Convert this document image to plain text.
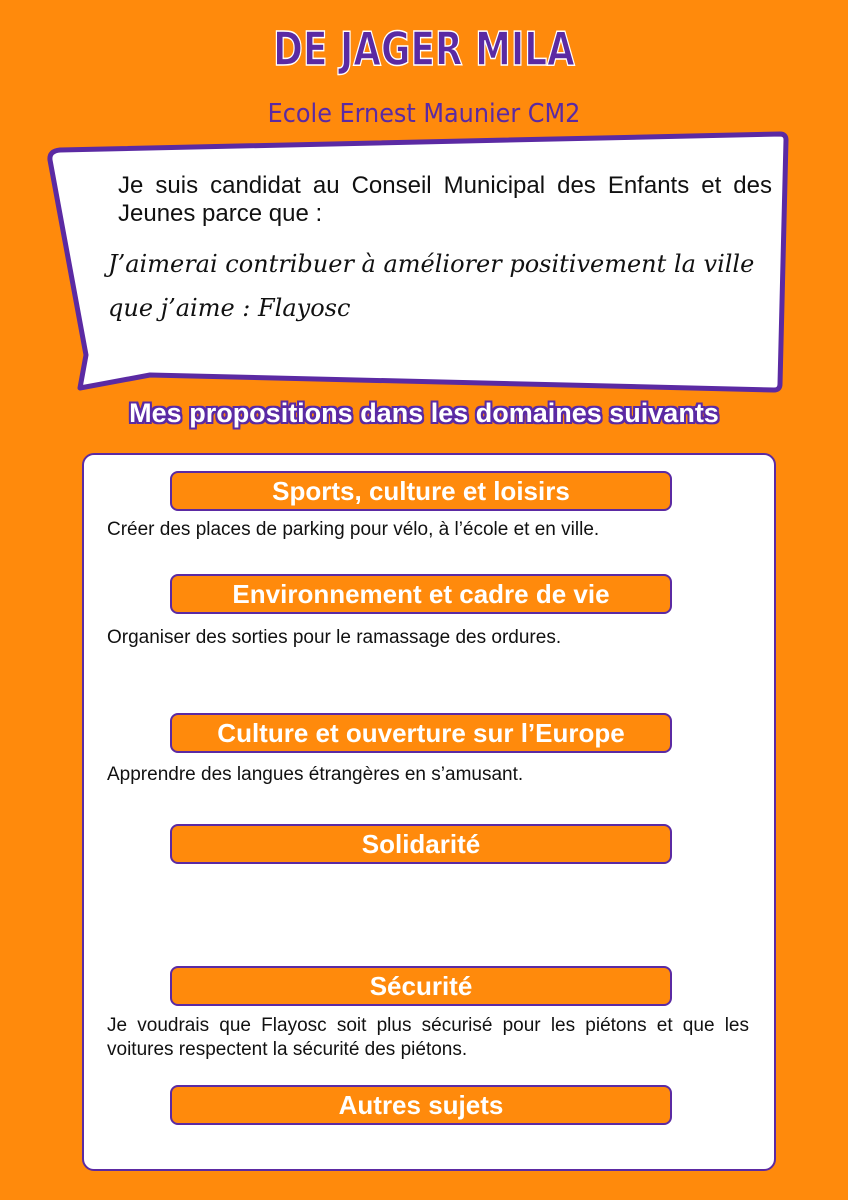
DE JAGER MILA
Ecole Ernest Maunier CM2
Je suis candidat au Conseil Municipal des Enfants et des Jeunes parce que :
J’aimerai contribuer à améliorer positivement la ville que j’aime : Flayosc
Mes propositions dans les domaines suivants
Sports, culture et loisirs
Créer des places de parking pour vélo, à l’école et en ville.
Environnement et cadre de vie
Organiser des sorties pour le ramassage des ordures.
Culture et ouverture sur l’Europe
Apprendre des langues étrangères en s’amusant.
Solidarité
Sécurité
Je voudrais que Flayosc soit plus sécurisé pour les piétons et que les voitures respectent la sécurité des piétons.
Autres sujets
